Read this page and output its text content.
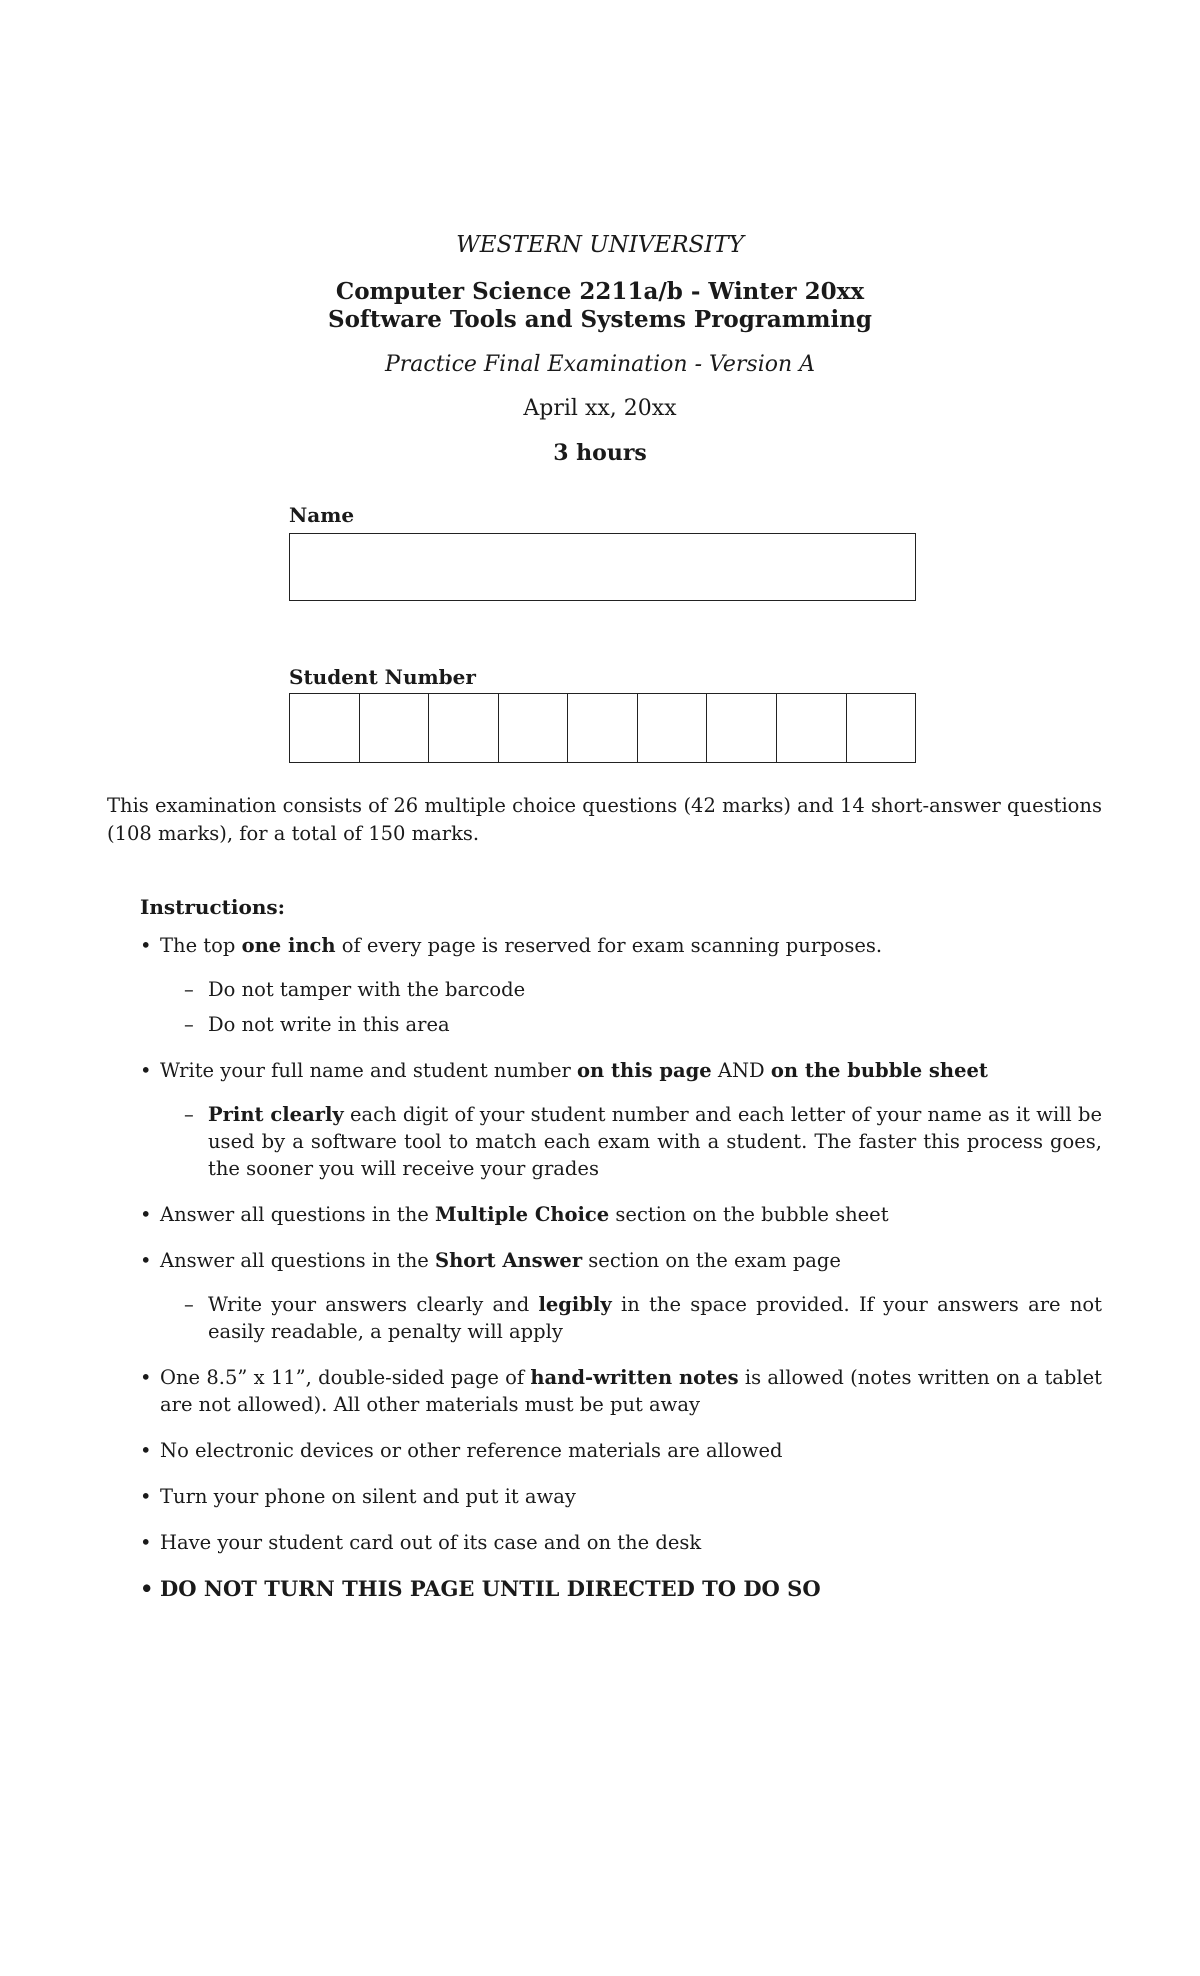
WESTERN UNIVERSITY
Computer Science 2211a/b - Winter 20xx
Software Tools and Systems Programming
Practice Final Examination - Version A
April xx, 20xx
3 hours
Name
Student Number
This examination consists of 26 multiple choice questions (42 marks) and 14 short-answer questions (108 marks), for a total of 150 marks.
Instructions:
• The top one inch of every page is reserved for exam scanning purposes.
– Do not tamper with the barcode
– Do not write in this area
• Write your full name and student number on this page AND on the bubble sheet
– Print clearly each digit of your student number and each letter of your name as it will be used by a software tool to match each exam with a student. The faster this process goes, the sooner you will receive your grades
• Answer all questions in the Multiple Choice section on the bubble sheet
• Answer all questions in the Short Answer section on the exam page
– Write your answers clearly and legibly in the space provided. If your answers are not easily readable, a penalty will apply
• One 8.5” x 11”, double-sided page of hand-written notes is allowed (notes written on a tablet are not allowed). All other materials must be put away
• No electronic devices or other reference materials are allowed
• Turn your phone on silent and put it away
• Have your student card out of its case and on the desk
• DO NOT TURN THIS PAGE UNTIL DIRECTED TO DO SO
